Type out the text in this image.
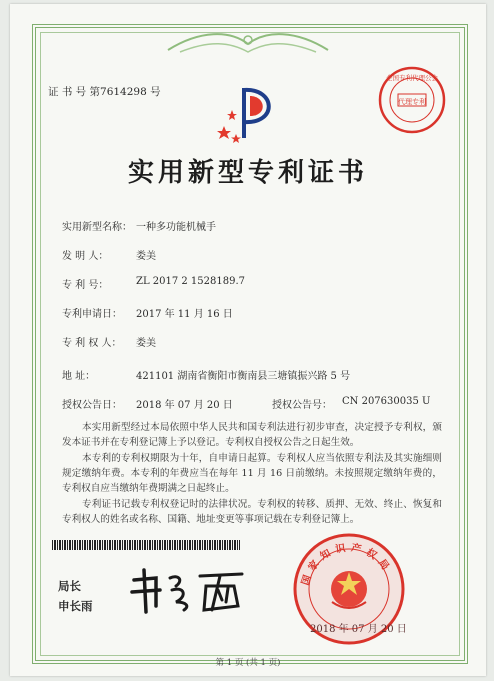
代理专利
全国专利代理公会
证 书 号 第7614298 号
实用新型专利证书
实用新型名称： 一种多功能机械手
发 明 人：	娄美
专 利 号：	ZL 2017 2 1528189.7
专利申请日： 2017 年 11 月 16 日
专 利 权 人： 娄美
地 址：	421101 湖南省衡阳市衡南县三塘镇振兴路 5 号
授权公告日： 2018 年 07 月 20 日	授权公告号： CN 207630035 U
本实用新型经过本局依照中华人民共和国专利法进行初步审查，决定授予专利权，颁发本证书并在专利登记簿上予以登记。专利权自授权公告之日起生效。
本专利的专利权期限为十年，自申请日起算。专利权人应当依照专利法及其实施细则规定缴纳年费。本专利的年费应当在每年 11 月 16 日前缴纳。未按照规定缴纳年费的，专利权自应当缴纳年费期满之日起终止。
专利证书记载专利权登记时的法律状况。专利权的转移、质押、无效、终止、恢复和专利权人的姓名或名称、国籍、地址变更等事项记载在专利登记簿上。
局长
申长雨
国家知识产权局
2018 年 07 月 20 日
第 1 页 (共 1 页)
